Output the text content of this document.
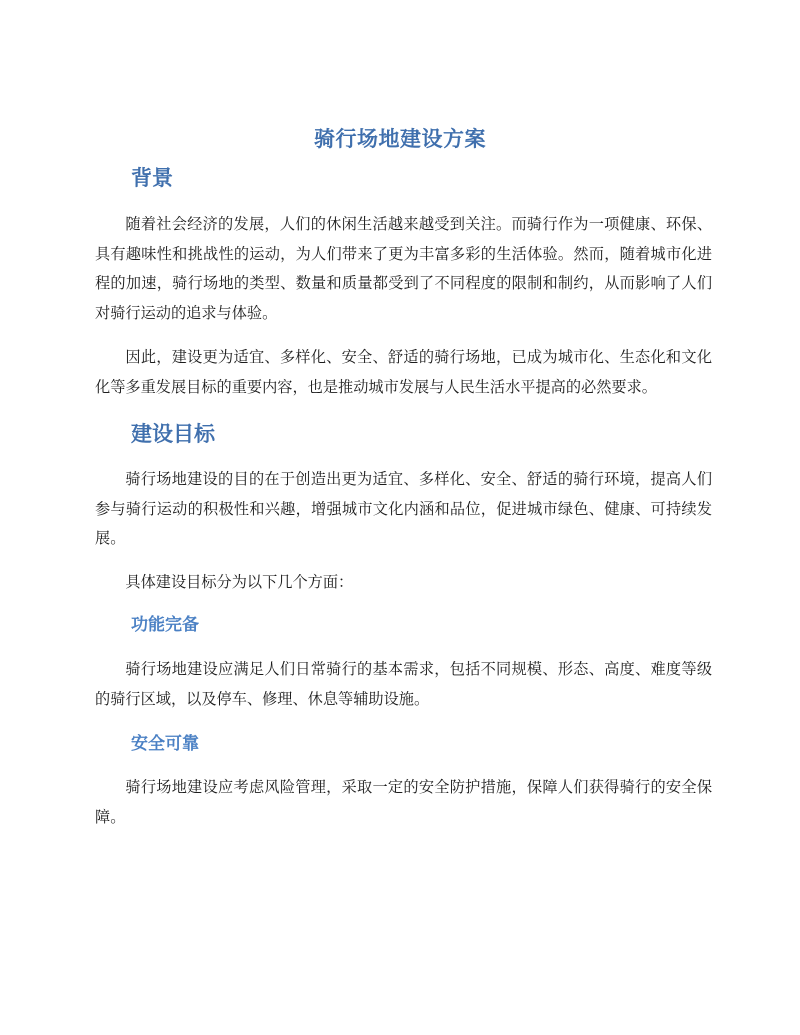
骑行场地建设方案
背景

随着社会经济的发展，人们的休闲生活越来越受到关注。而骑行作为一项健康、环保、具有趣味性和挑战性的运动，为人们带来了更为丰富多彩的生活体验。然而，随着城市化进程的加速，骑行场地的类型、数量和质量都受到了不同程度的限制和制约，从而影响了人们对骑行运动的追求与体验。

因此，建设更为适宜、多样化、安全、舒适的骑行场地，已成为城市化、生态化和文化化等多重发展目标的重要内容，也是推动城市发展与人民生活水平提高的必然要求。

建设目标

骑行场地建设的目的在于创造出更为适宜、多样化、安全、舒适的骑行环境，提高人们参与骑行运动的积极性和兴趣，增强城市文化内涵和品位，促进城市绿色、健康、可持续发展。

具体建设目标分为以下几个方面：

功能完备

骑行场地建设应满足人们日常骑行的基本需求，包括不同规模、形态、高度、难度等级的骑行区域，以及停车、修理、休息等辅助设施。

安全可靠

骑行场地建设应考虑风险管理，采取一定的安全防护措施，保障人们获得骑行的安全保障。
